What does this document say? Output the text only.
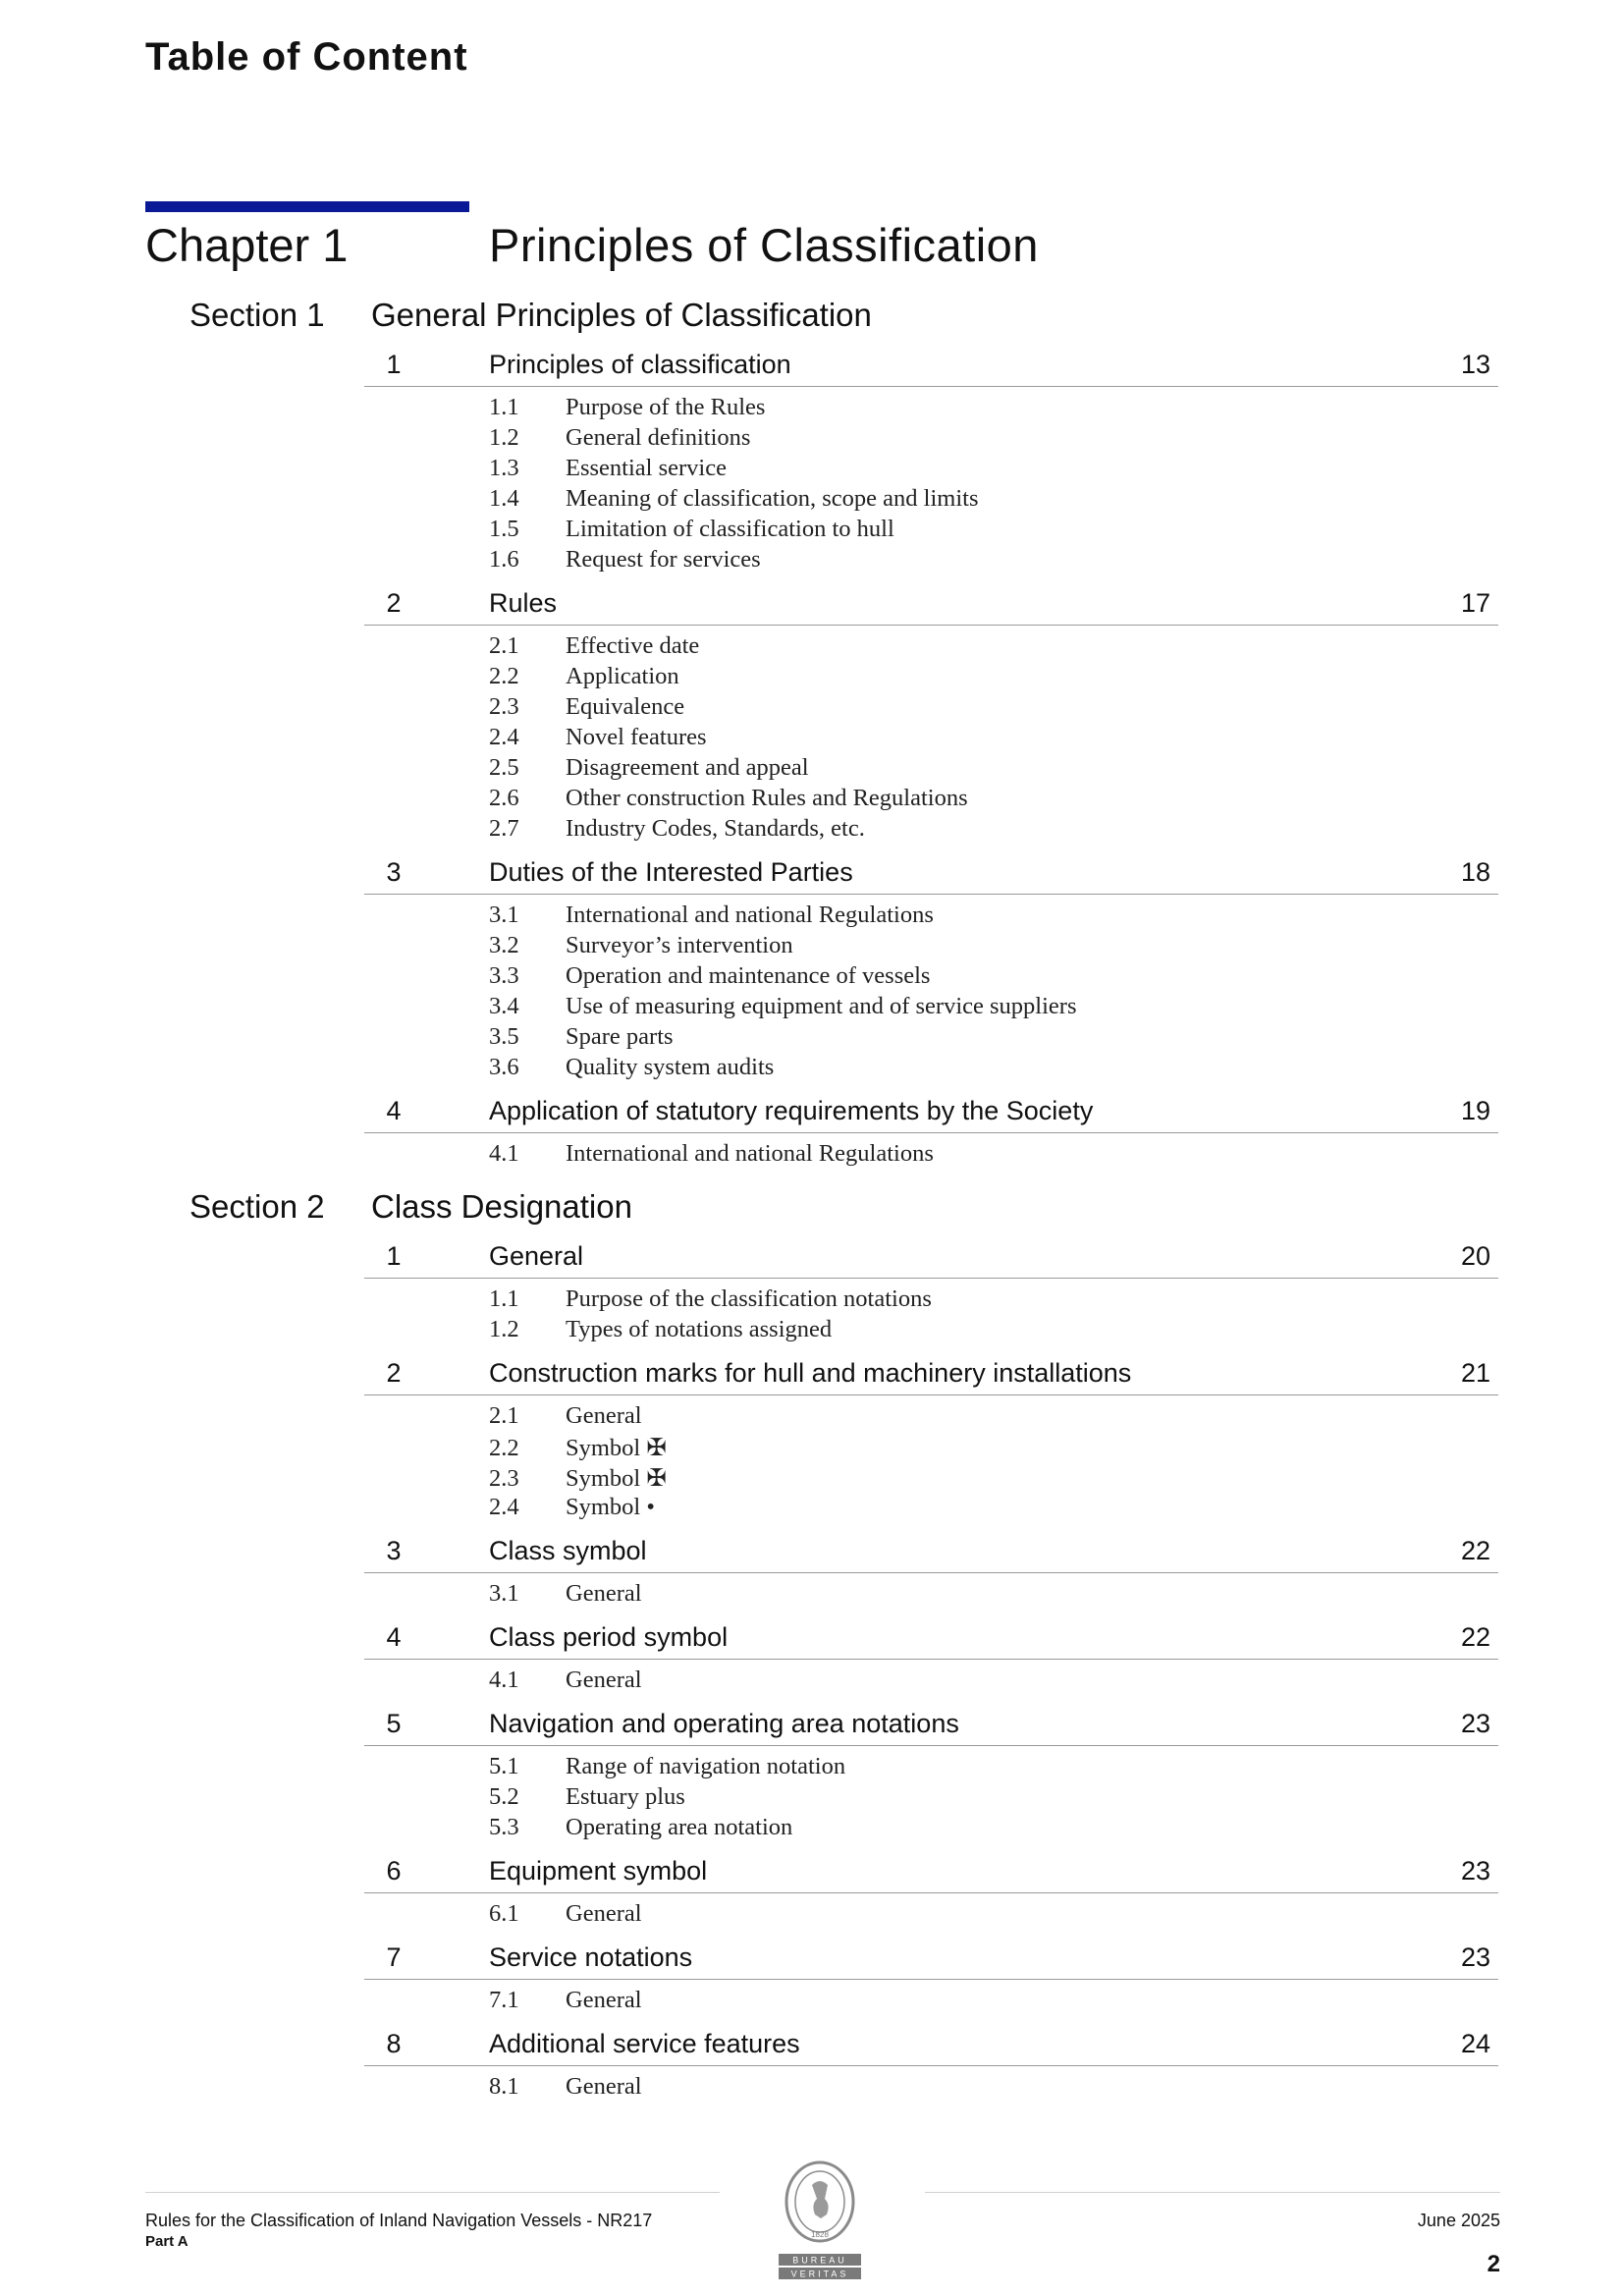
Table of Content
Chapter 1	Principles of Classification
Section 1 General Principles of Classification
1	Principles of classification	13
1.1 Purpose of the Rules
1.2 General definitions
1.3 Essential service
1.4 Meaning of classification, scope and limits
1.5 Limitation of classification to hull
1.6 Request for services
2	Rules	17
2.1 Effective date
2.2 Application
2.3 Equivalence
2.4 Novel features
2.5 Disagreement and appeal
2.6 Other construction Rules and Regulations
2.7 Industry Codes, Standards, etc.
3	Duties of the Interested Parties	18
3.1 International and national Regulations
3.2 Surveyor’s intervention
3.3 Operation and maintenance of vessels
3.4 Use of measuring equipment and of service suppliers
3.5 Spare parts
3.6 Quality system audits
4	Application of statutory requirements by the Society	19
4.1 International and national Regulations
Section 2 Class Designation
1	General	20
1.1 Purpose of the classification notations
1.2 Types of notations assigned
2	Construction marks for hull and machinery installations	21
2.1 General
2.2 Symbol ✠
2.3 Symbol ✠
2.4 Symbol •
3	Class symbol	22
3.1 General
4	Class period symbol	22
4.1 General
5	Navigation and operating area notations	23
5.1 Range of navigation notation
5.2 Estuary plus
5.3 Operating area notation
6	Equipment symbol	23
6.1 General
7	Service notations	23
7.1 General
8	Additional service features	24
8.1 General
Rules for the Classification of Inland Navigation Vessels - NR217
Part A
June 2025
2
1828
BUREAU
VERITAS
